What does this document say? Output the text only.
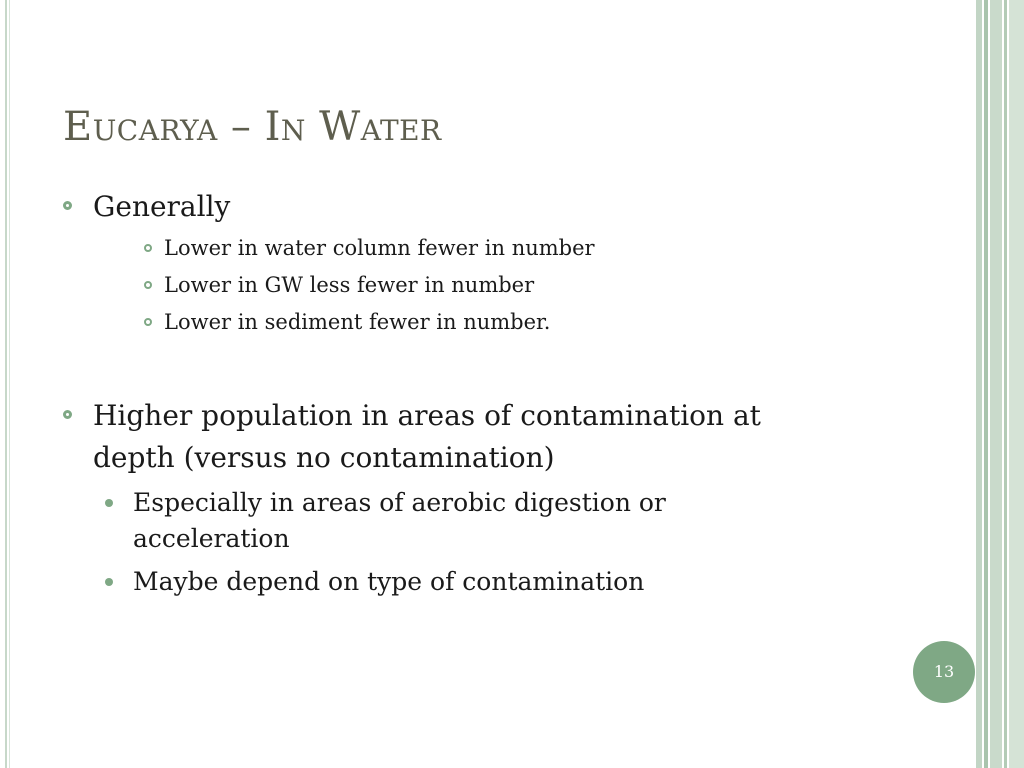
Eucarya – In Water
Generally
Lower in water column fewer in number
Lower in GW less fewer in number
Lower in sediment fewer in number.
Higher population in areas of contamination at depth (versus no contamination)
Especially in areas of aerobic digestion or acceleration
Maybe depend on type of contamination
13
